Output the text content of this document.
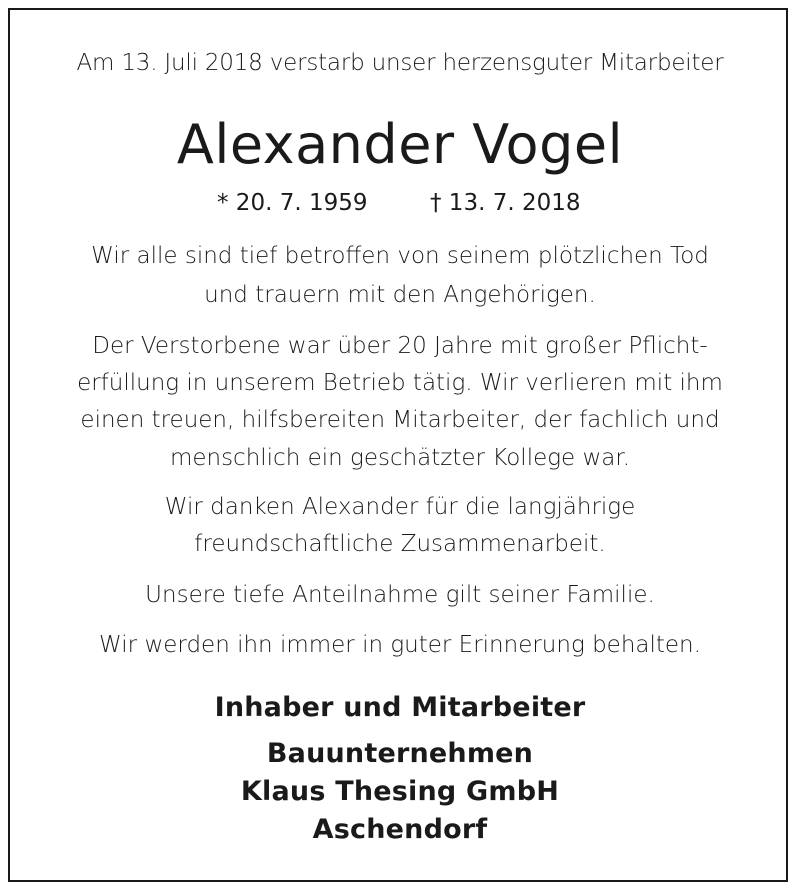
Am 13. Juli 2018 verstarb unser herzensguter Mitarbeiter
Alexander Vogel
* 20. 7. 1959	† 13. 7. 2018
Wir alle sind tief betroffen von seinem plötzlichen Tod
und trauern mit den Angehörigen.
Der Verstorbene war über 20 Jahre mit großer Pflicht-
erfüllung in unserem Betrieb tätig. Wir verlieren mit ihm
einen treuen, hilfsbereiten Mitarbeiter, der fachlich und
menschlich ein geschätzter Kollege war.
Wir danken Alexander für die langjährige
freundschaftliche Zusammenarbeit.
Unsere tiefe Anteilnahme gilt seiner Familie.
Wir werden ihn immer in guter Erinnerung behalten.
Inhaber und Mitarbeiter
Bauunternehmen
Klaus Thesing GmbH
Aschendorf
